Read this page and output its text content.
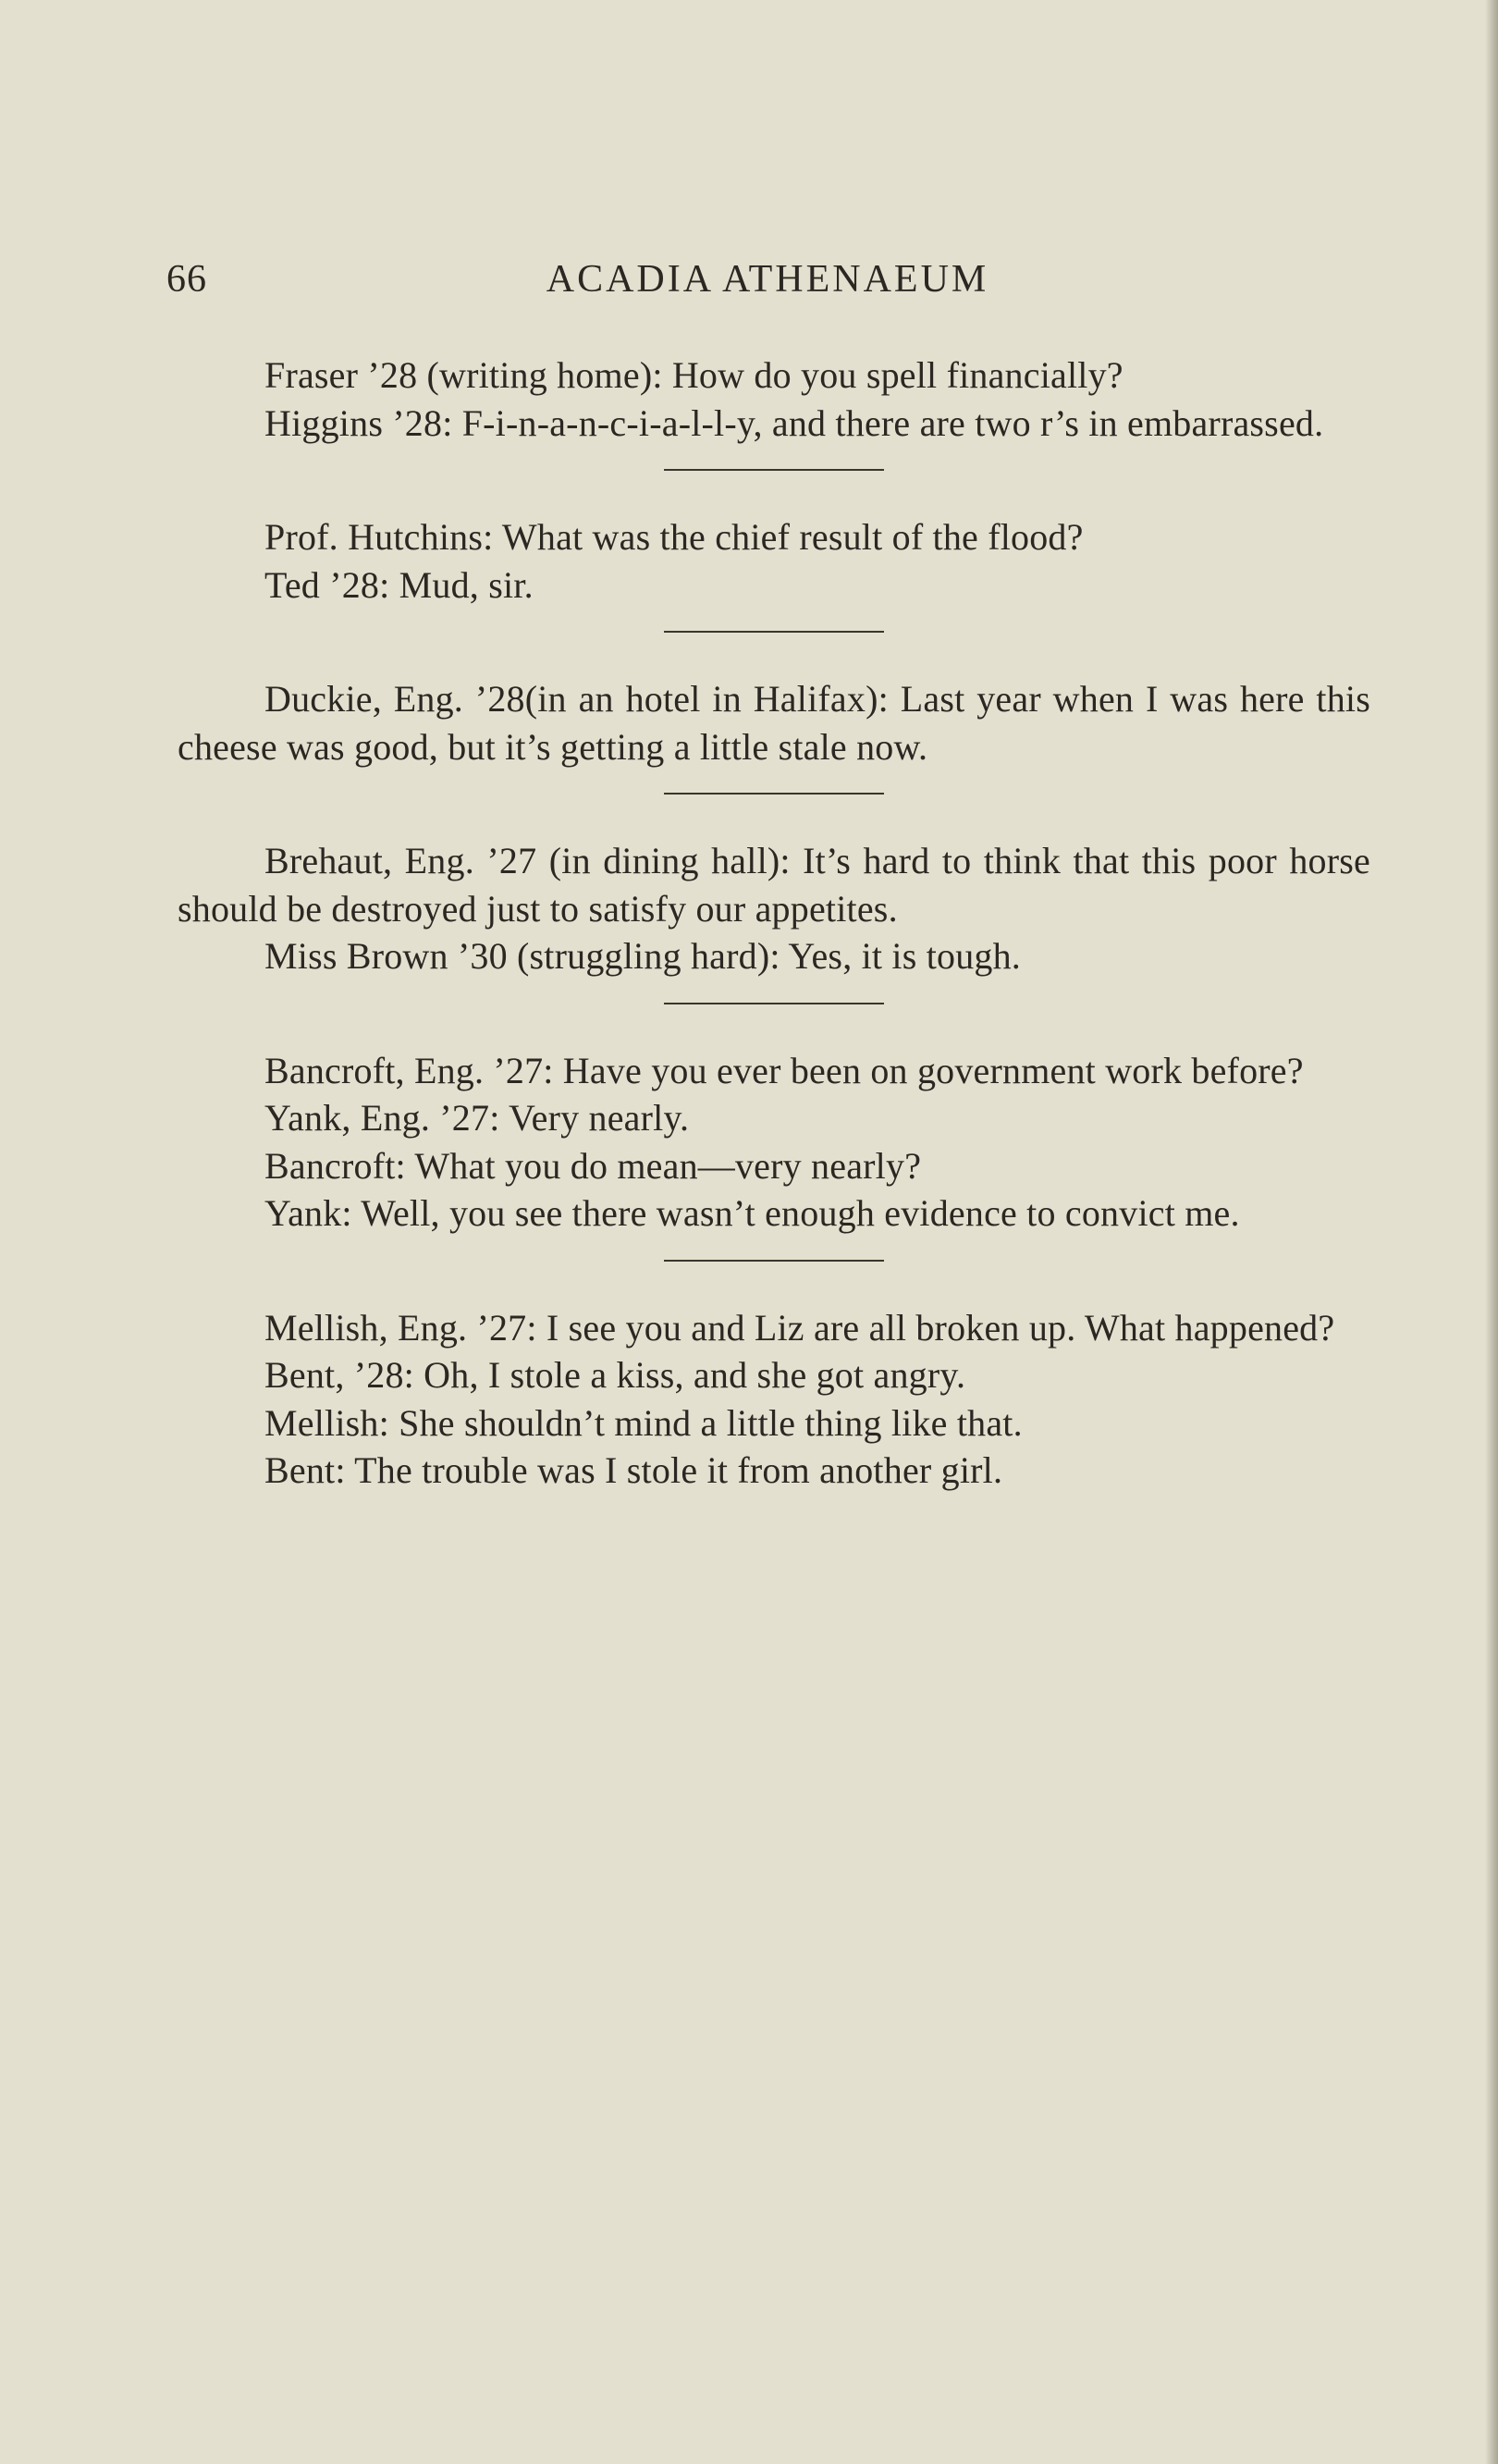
66	ACADIA ATHENAEUM

Fraser ’28 (writing home): How do you spell financially?

Higgins ’28: F-i-n-a-n-c-i-a-l-l-y, and there are two r’s in embarrassed.

Prof. Hutchins: What was the chief result of the flood?

Ted ’28: Mud, sir.

Duckie, Eng. ’28(in an hotel in Halifax): Last year when I was here this cheese was good, but it’s getting a little stale now.

Brehaut, Eng. ’27 (in dining hall): It’s hard to think that this poor horse should be destroyed just to satisfy our appetites.

Miss Brown ’30 (struggling hard): Yes, it is tough.

Bancroft, Eng. ’27: Have you ever been on government work before?

Yank, Eng. ’27: Very nearly.

Bancroft: What you do mean—very nearly?

Yank: Well, you see there wasn’t enough evidence to convict me.

Mellish, Eng. ’27: I see you and Liz are all broken up. What happened?

Bent, ’28: Oh, I stole a kiss, and she got angry.

Mellish: She shouldn’t mind a little thing like that.

Bent: The trouble was I stole it from another girl.
